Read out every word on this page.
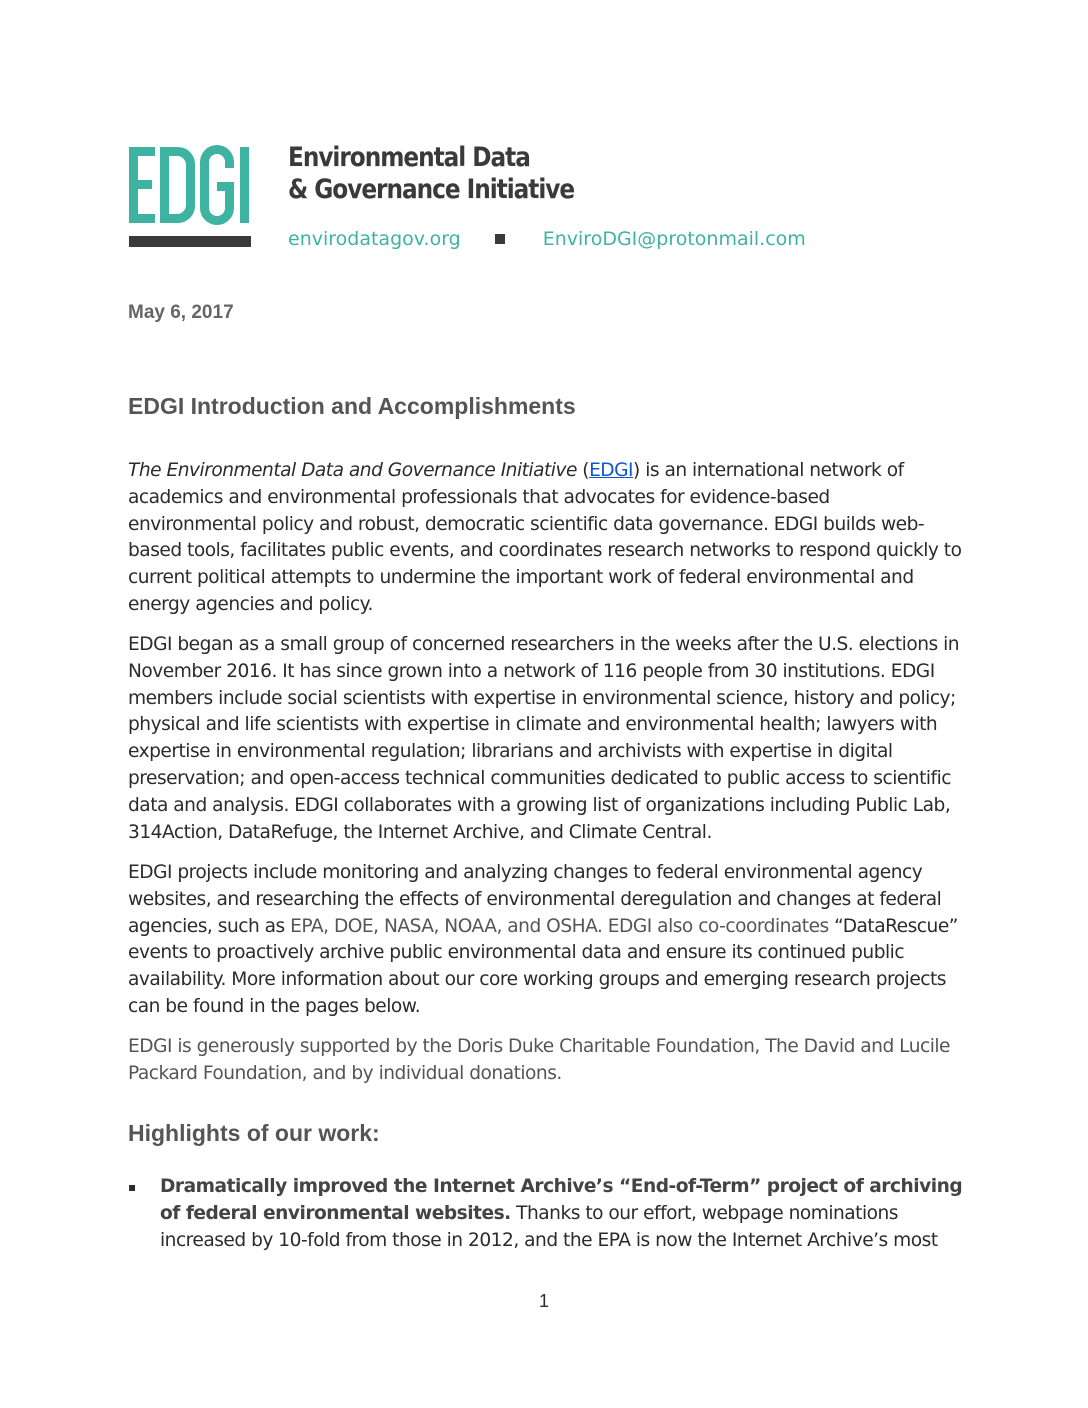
EDGI	Environmental Data
& Governance Initiative
envirodatagov.org	EnviroDGI@protonmail.com
May 6, 2017
EDGI Introduction and Accomplishments

The Environmental Data and Governance Initiative (EDGI) is an international network of academics and environmental professionals that advocates for evidence-based environmental policy and robust, democratic scientific data governance. EDGI builds web-based tools, facilitates public events, and coordinates research networks to respond quickly to current political attempts to undermine the important work of federal environmental and energy agencies and policy.

EDGI began as a small group of concerned researchers in the weeks after the U.S. elections in November 2016. It has since grown into a network of 116 people from 30 institutions. EDGI members include social scientists with expertise in environmental science, history and policy; physical and life scientists with expertise in climate and environmental health; lawyers with expertise in environmental regulation; librarians and archivists with expertise in digital preservation; and open-access technical communities dedicated to public access to scientific data and analysis. EDGI collaborates with a growing list of organizations including Public Lab, 314Action, DataRefuge, the Internet Archive, and Climate Central.

EDGI projects include monitoring and analyzing changes to federal environmental agency websites, and researching the effects of environmental deregulation and changes at federal agencies, such as EPA, DOE, NASA, NOAA, and OSHA. EDGI also co-coordinates “DataRescue” events to proactively archive public environmental data and ensure its continued public availability. More information about our core working groups and emerging research projects can be found in the pages below.

EDGI is generously supported by the Doris Duke Charitable Foundation, The David and Lucile Packard Foundation, and by individual donations.

Highlights of our work:
▪ Dramatically improved the Internet Archive’s “End-of-Term” project of archiving of federal environmental websites. Thanks to our effort, webpage nominations increased by 10-fold from those in 2012, and the EPA is now the Internet Archive’s most
1
